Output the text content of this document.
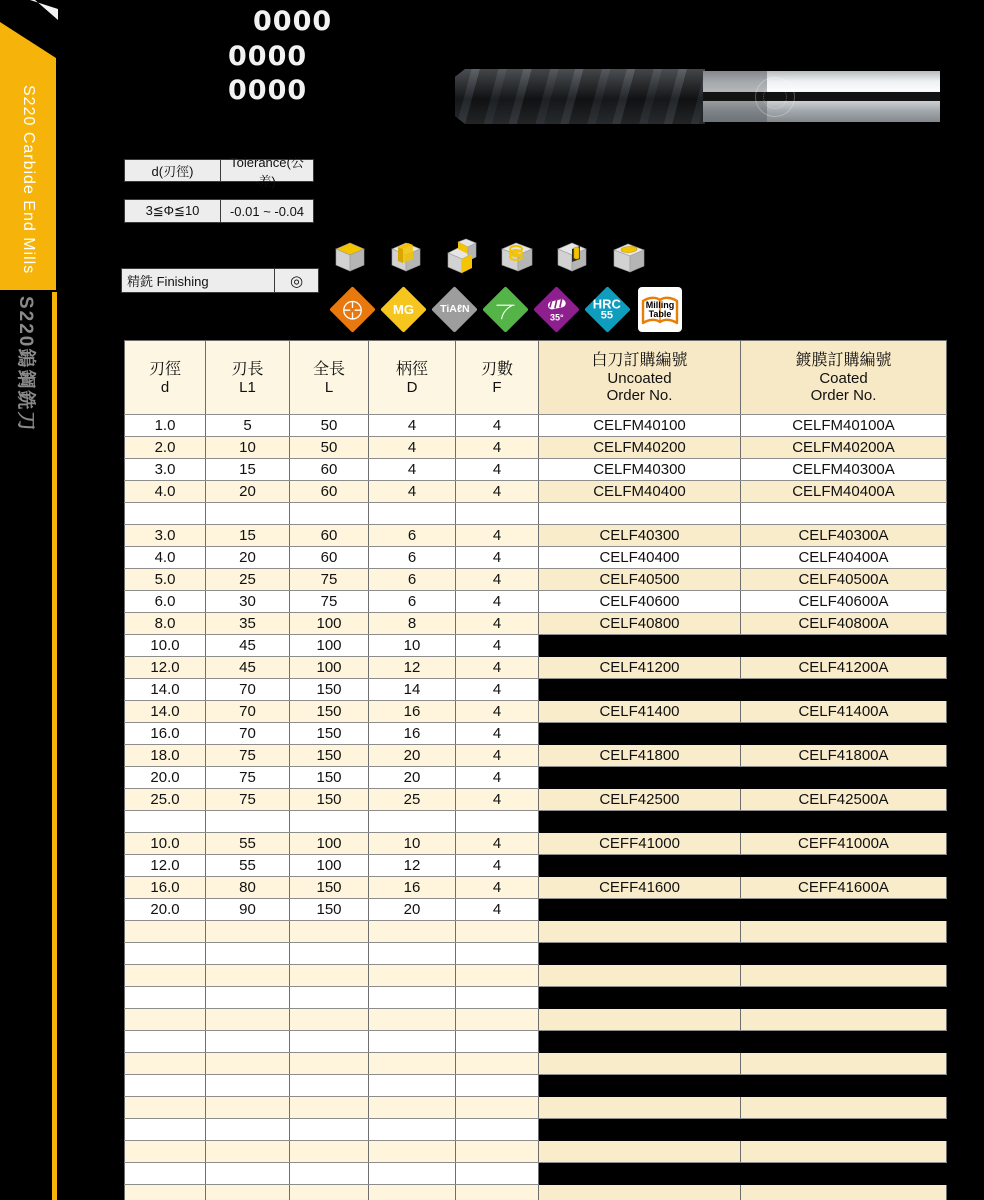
S220 Carbide End Mills
S220鎢鋼銑刀
0000
0000
0000
d(刃徑)
Tolerance(公差)
3≦Φ≦10	-0.01 ~ -0.04
精銑 Finishing	◎
MG TiAℓN
35°
HRC
55
Milling
Table
刃徑
d

刃長
L1

全長
L

柄徑
D

刃數
F

白刀訂購編號
Uncoated
Order No.

鍍膜訂購編號
Coated
Order No.

1.0	5	50	4	4	CELFM40100	CELFM40100A
2.0	10	50	4	4	CELFM40200	CELFM40200A
3.0	15	60	4	4	CELFM40300	CELFM40300A
4.0	20	60	4	4	CELFM40400	CELFM40400A

3.0	15	60	6	4	CELF40300	CELF40300A
4.0	20	60	6	4	CELF40400	CELF40400A
5.0	25	75	6	4	CELF40500	CELF40500A
6.0	30	75	6	4	CELF40600	CELF40600A
8.0	35	100	8	4	CELF40800	CELF40800A
10.0	45	100	10	4		
12.0	45	100	12	4	CELF41200	CELF41200A
14.0	70	150	14	4		
14.0	70	150	16	4	CELF41400	CELF41400A
16.0	70	150	16	4		
18.0	75	150	20	4	CELF41800	CELF41800A
20.0	75	150	20	4		
25.0	75	150	25	4	CELF42500	CELF42500A

10.0	55	100	10	4	CEFF41000	CEFF41000A
12.0	55	100	12	4		
16.0	80	150	16	4	CEFF41600	CEFF41600A
20.0	90	150	20	4		
